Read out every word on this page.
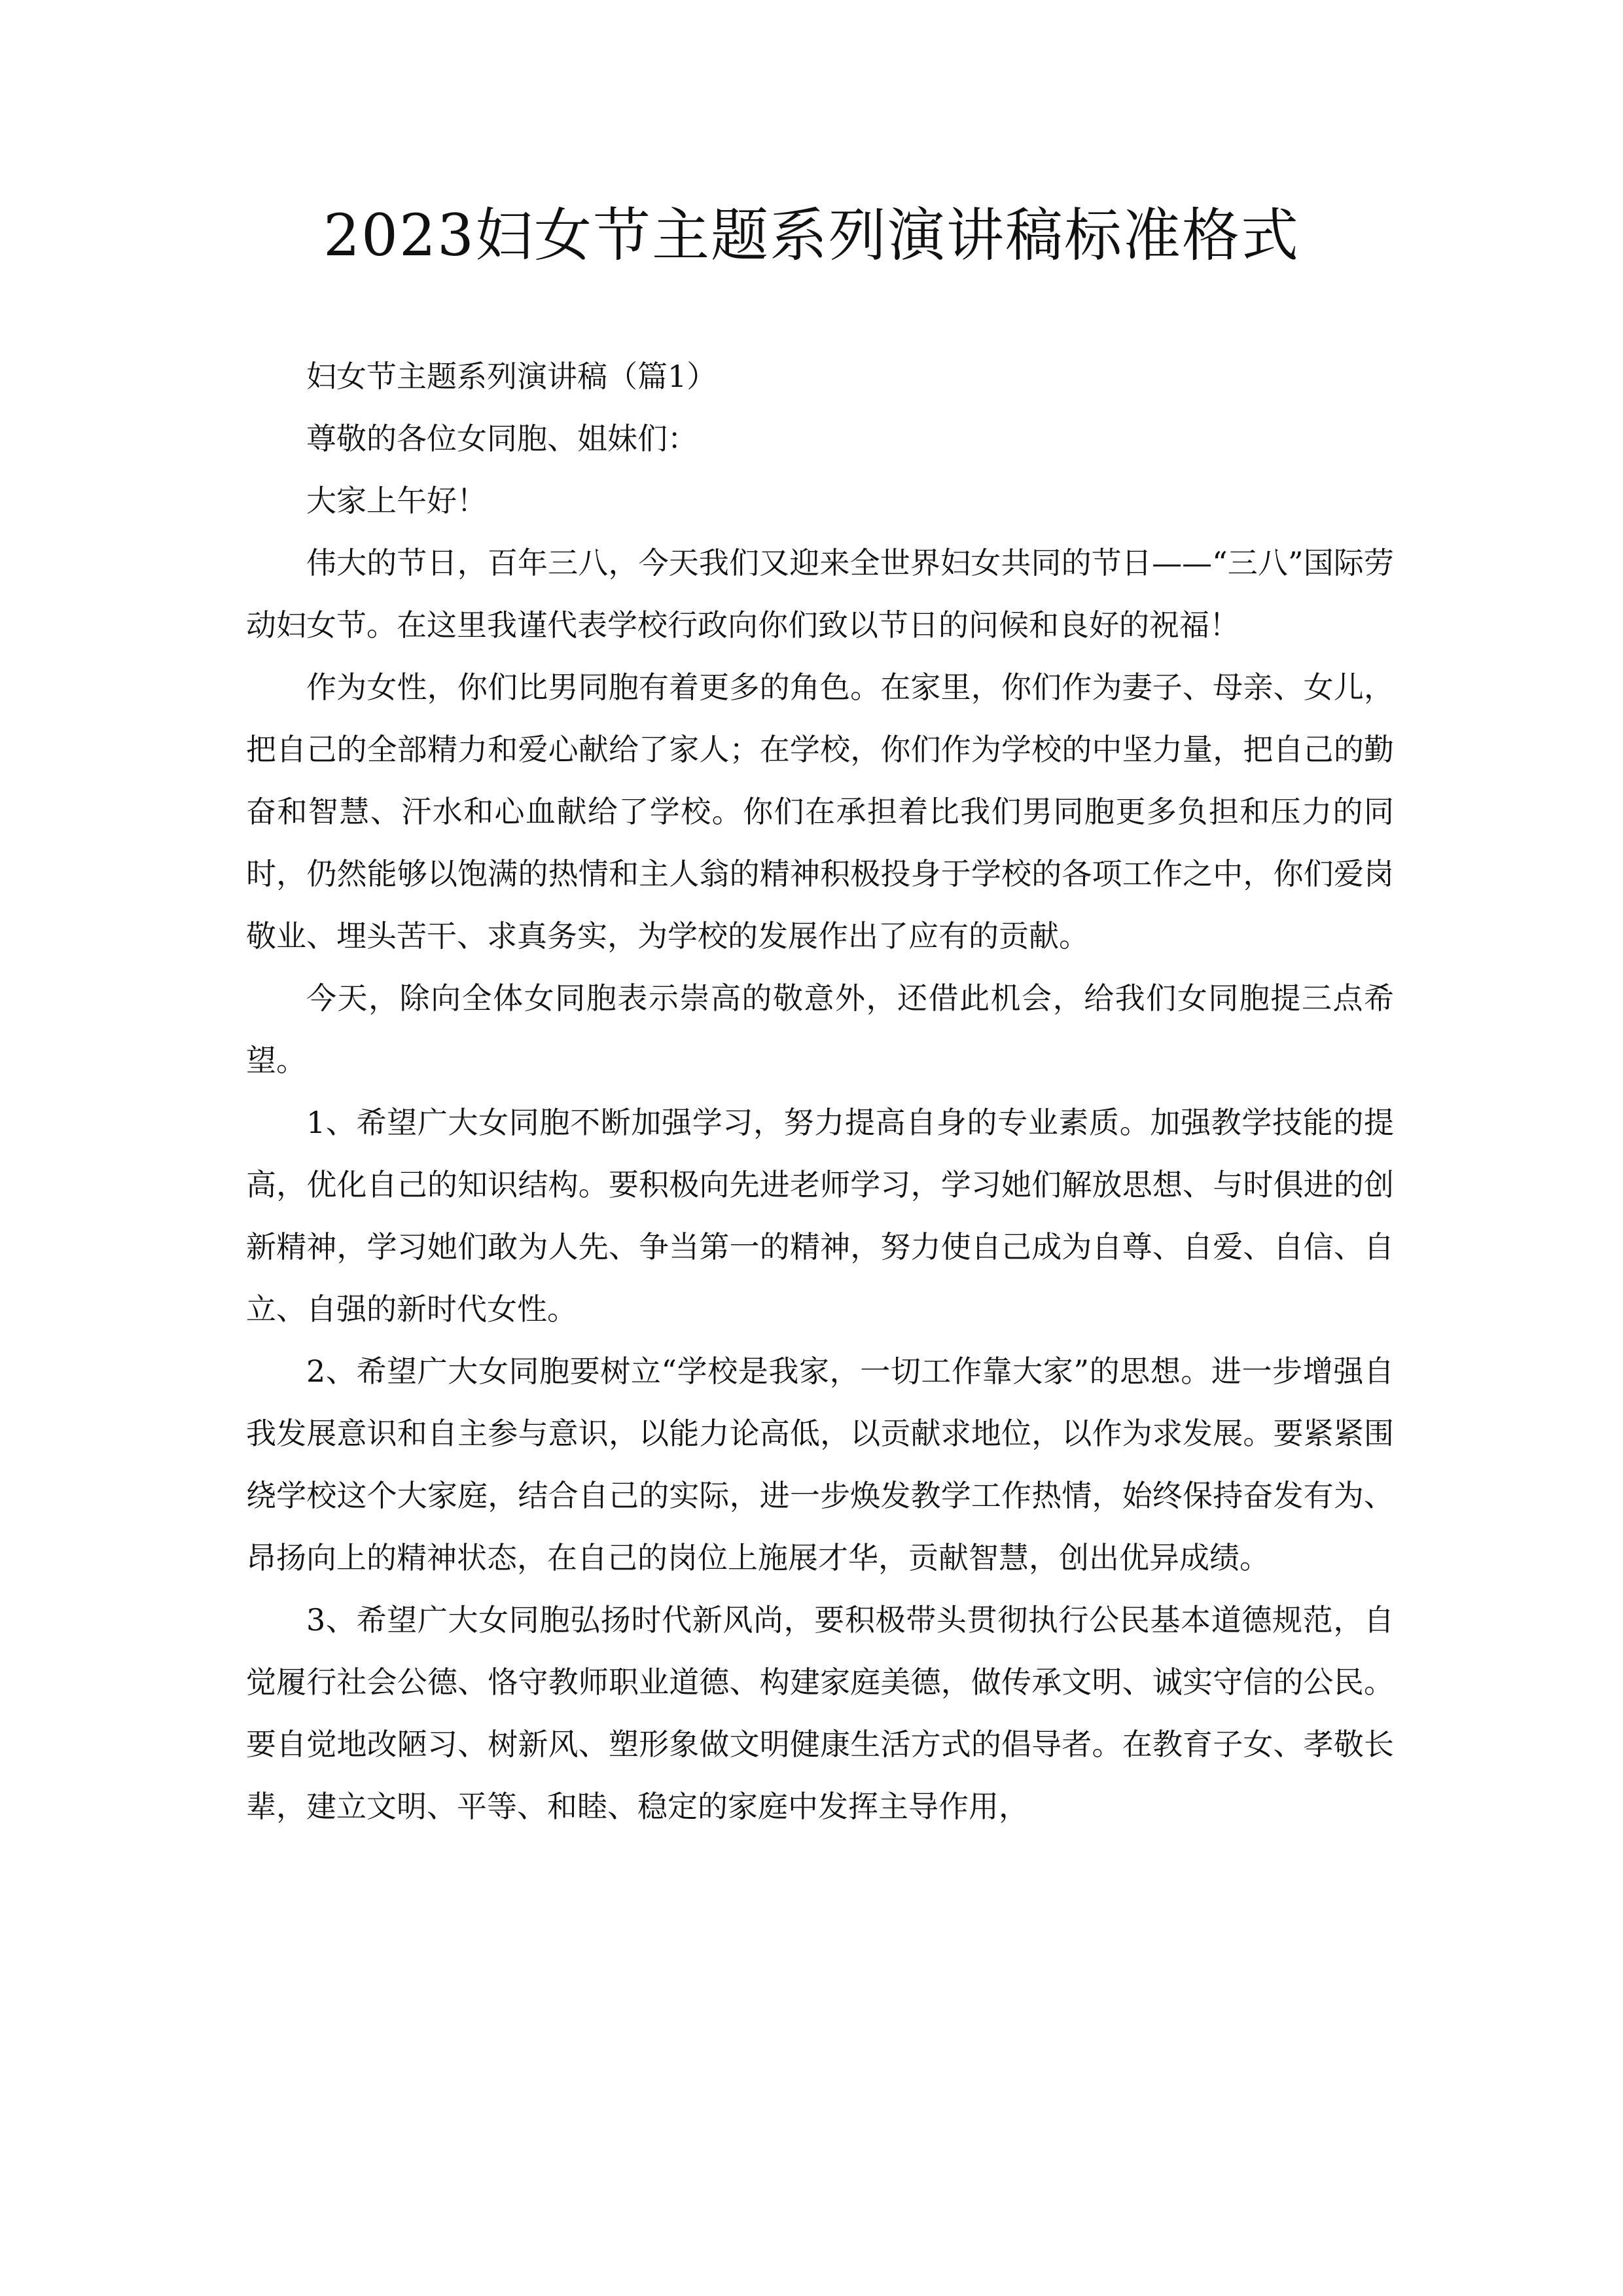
2023妇女节主题系列演讲稿标准格式

妇女节主题系列演讲稿（篇1）

尊敬的各位女同胞、姐妹们：

大家上午好！

伟大的节日，百年三八，今天我们又迎来全世界妇女共同的节日——“三八”国际劳动妇女节。在这里我谨代表学校行政向你们致以节日的问候和良好的祝福！

作为女性，你们比男同胞有着更多的角色。在家里，你们作为妻子、母亲、女儿，把自己的全部精力和爱心献给了家人；在学校，你们作为学校的中坚力量，把自己的勤奋和智慧、汗水和心血献给了学校。你们在承担着比我们男同胞更多负担和压力的同时，仍然能够以饱满的热情和主人翁的精神积极投身于学校的各项工作之中，你们爱岗敬业、埋头苦干、求真务实，为学校的发展作出了应有的贡献。

今天，除向全体女同胞表示崇高的敬意外，还借此机会，给我们女同胞提三点希望。

1、希望广大女同胞不断加强学习，努力提高自身的专业素质。加强教学技能的提高，优化自己的知识结构。要积极向先进老师学习，学习她们解放思想、与时俱进的创新精神，学习她们敢为人先、争当第一的精神，努力使自己成为自尊、自爱、自信、自立、自强的新时代女性。

2、希望广大女同胞要树立“学校是我家，一切工作靠大家”的思想。进一步增强自我发展意识和自主参与意识，以能力论高低，以贡献求地位，以作为求发展。要紧紧围绕学校这个大家庭，结合自己的实际，进一步焕发教学工作热情，始终保持奋发有为、昂扬向上的精神状态，在自己的岗位上施展才华，贡献智慧，创出优异成绩。

3、希望广大女同胞弘扬时代新风尚，要积极带头贯彻执行公民基本道德规范，自觉履行社会公德、恪守教师职业道德、构建家庭美德，做传承文明、诚实守信的公民。要自觉地改陋习、树新风、塑形象做文明健康生活方式的倡导者。在教育子女、孝敬长辈，建立文明、平等、和睦、稳定的家庭中发挥主导作用，
